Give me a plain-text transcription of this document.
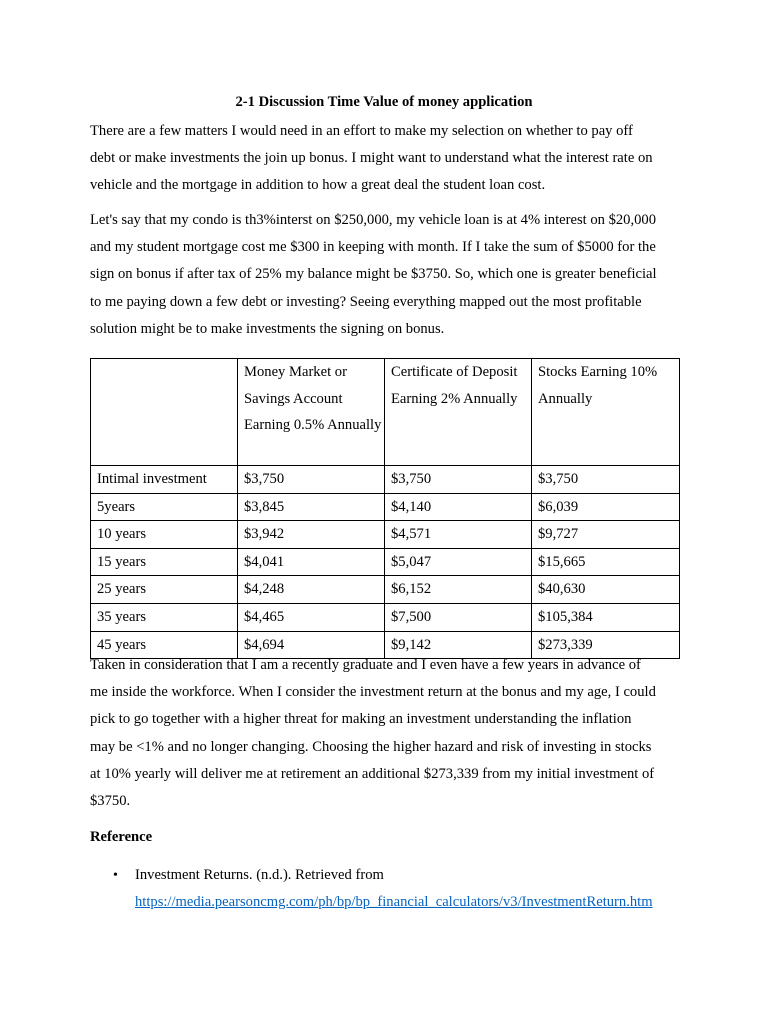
2-1 Discussion Time Value of money application

There are a few matters I would need in an effort to make my selection on whether to pay off
debt or make investments the join up bonus. I might want to understand what the interest rate on
vehicle and the mortgage in addition to how a great deal the student loan cost.

Let's say that my condo is th3%interst on $250,000, my vehicle loan is at 4% interest on $20,000
and my student mortgage cost me $300 in keeping with month. If I take the sum of $5000 for the
sign on bonus if after tax of 25% my balance might be $3750. So, which one is greater beneficial
to me paying down a few debt or investing? Seeing everything mapped out the most profitable
solution might be to make investments the signing on bonus.

	Money Market or Savings Account Earning 0.5% Annually	Certificate of Deposit Earning 2% Annually	Stocks Earning 10% Annually
Intimal investment	$3,750	$3,750	$3,750
5years	$3,845	$4,140	$6,039
10 years	$3,942	$4,571	$9,727
15 years	$4,041	$5,047	$15,665
25 years	$4,248	$6,152	$40,630
35 years	$4,465	$7,500	$105,384
45 years	$4,694	$9,142	$273,339

Taken in consideration that I am a recently graduate and I even have a few years in advance of
me inside the workforce. When I consider the investment return at the bonus and my age, I could
pick to go together with a higher threat for making an investment understanding the inflation
may be <1% and no longer changing. Choosing the higher hazard and risk of investing in stocks
at 10% yearly will deliver me at retirement an additional $273,339 from my initial investment of
$3750.

Reference
• Investment Returns. (n.d.). Retrieved from
https://media.pearsoncmg.com/ph/bp/bp_financial_calculators/v3/InvestmentReturn.htm
